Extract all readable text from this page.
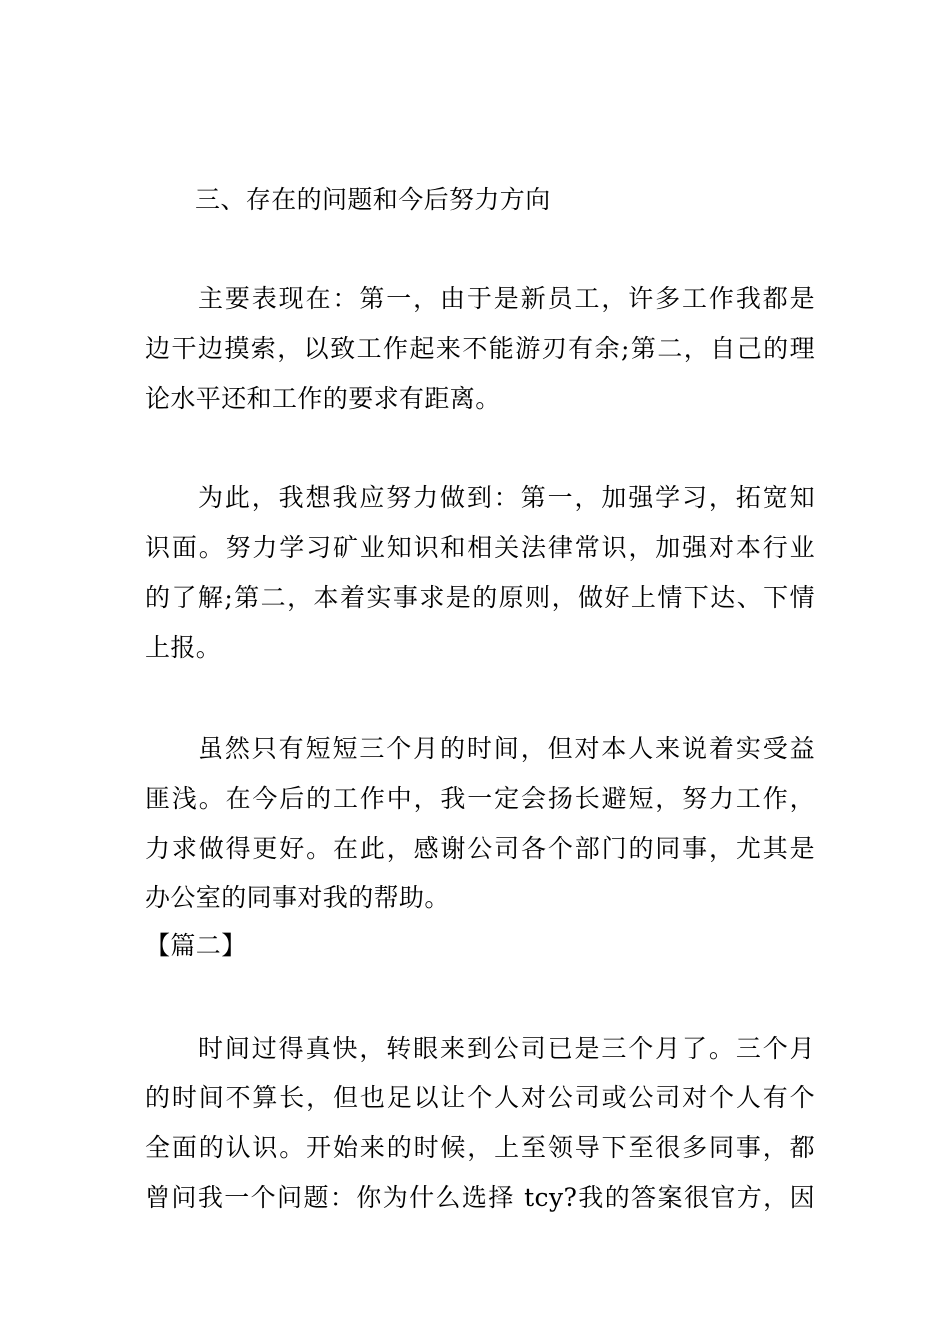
三、存在的问题和今后努力方向
主要表现在：第一，由于是新员工，许多工作我都是
边干边摸索，以致工作起来不能游刃有余;第二，自己的理
论水平还和工作的要求有距离。
为此，我想我应努力做到：第一，加强学习，拓宽知
识面。努力学习矿业知识和相关法律常识，加强对本行业
的了解;第二，本着实事求是的原则，做好上情下达、下情
上报。
虽然只有短短三个月的时间，但对本人来说着实受益
匪浅。在今后的工作中，我一定会扬长避短，努力工作，
力求做得更好。在此，感谢公司各个部门的同事，尤其是
办公室的同事对我的帮助。
【篇二】
时间过得真快，转眼来到公司已是三个月了。三个月
的时间不算长，但也足以让个人对公司或公司对个人有个
全面的认识。开始来的时候，上至领导下至很多同事，都
曾问我一个问题：你为什么选择 tcy?我的答案很官方，因
